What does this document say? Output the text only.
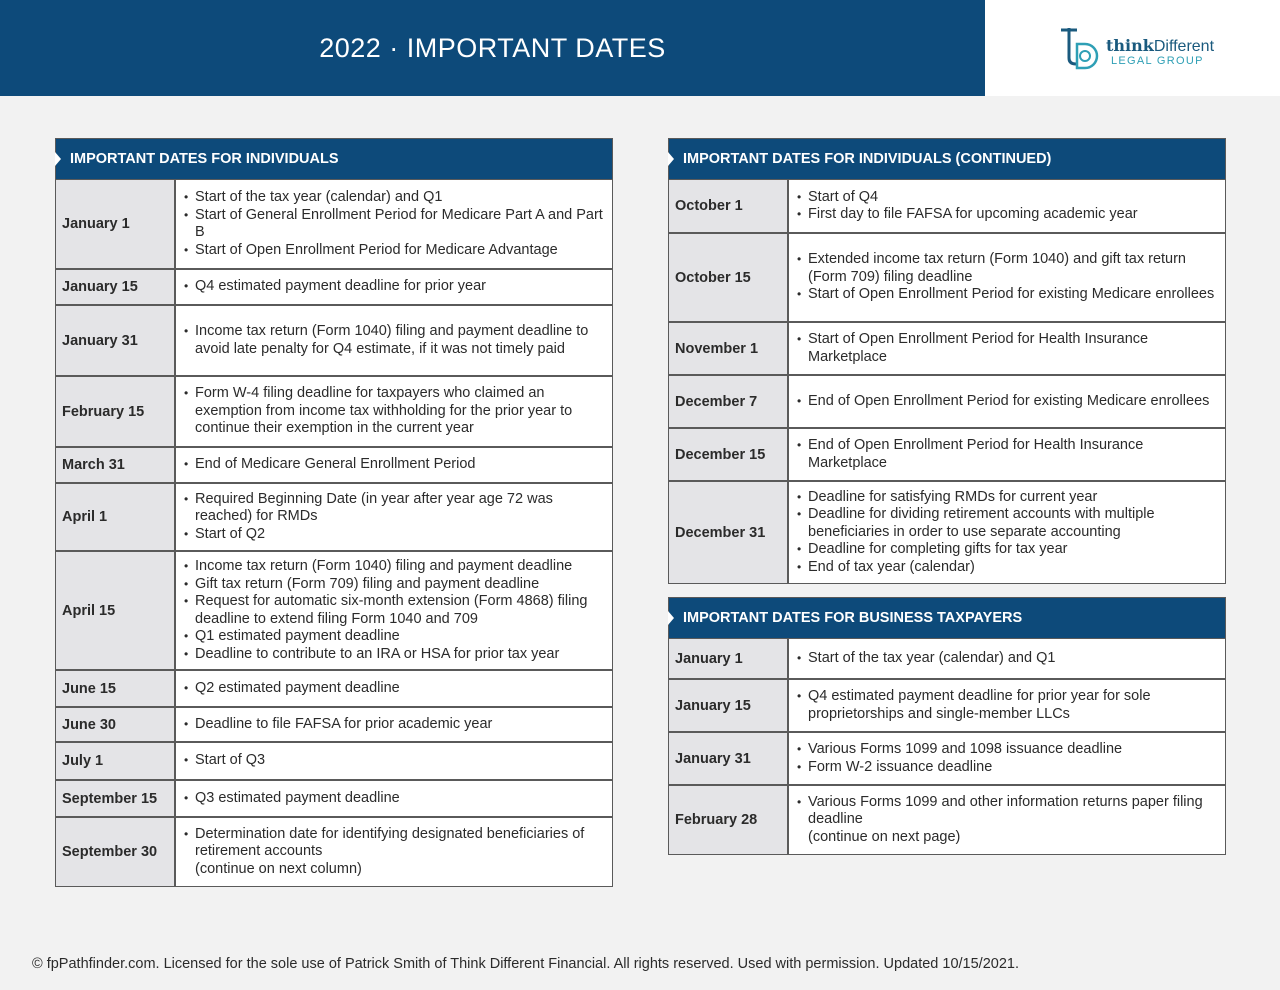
2022 · IMPORTANT DATES	thinkDifferent
LEGAL GROUP
IMPORTANT DATES FOR INDIVIDUALS
January 1
• Start of the tax year (calendar) and Q1
• Start of General Enrollment Period for Medicare Part A and Part B
• Start of Open Enrollment Period for Medicare Advantage
January 15	• Q4 estimated payment deadline for prior year
January 31
• Income tax return (Form 1040) filing and payment deadline to avoid late penalty for Q4 estimate, if it was not timely paid
February 15
• Form W-4 filing deadline for taxpayers who claimed an exemption from income tax withholding for the prior year to continue their exemption in the current year
March 31	• End of Medicare General Enrollment Period
April 1
• Required Beginning Date (in year after year age 72 was reached) for RMDs
• Start of Q2
April 15
• Income tax return (Form 1040) filing and payment deadline
• Gift tax return (Form 709) filing and payment deadline
• Request for automatic six-month extension (Form 4868) filing deadline to extend filing Form 1040 and 709
• Q1 estimated payment deadline
• Deadline to contribute to an IRA or HSA for prior tax year
June 15	• Q2 estimated payment deadline
June 30	• Deadline to file FAFSA for prior academic year
July 1	• Start of Q3
September 15	• Q3 estimated payment deadline
September 30
• Determination date for identifying designated beneficiaries of retirement accounts
(continue on next column)
IMPORTANT DATES FOR INDIVIDUALS (CONTINUED)
October 1
• Start of Q4
• First day to file FAFSA for upcoming academic year
October 15
• Extended income tax return (Form 1040) and gift tax return (Form 709) filing deadline
• Start of Open Enrollment Period for existing Medicare enrollees
November 1
• Start of Open Enrollment Period for Health Insurance Marketplace
December 7	• End of Open Enrollment Period for existing Medicare enrollees
December 15
• End of Open Enrollment Period for Health Insurance Marketplace
December 31
• Deadline for satisfying RMDs for current year
• Deadline for dividing retirement accounts with multiple beneficiaries in order to use separate accounting
• Deadline for completing gifts for tax year
• End of tax year (calendar)
IMPORTANT DATES FOR BUSINESS TAXPAYERS
January 1	• Start of the tax year (calendar) and Q1
January 15
• Q4 estimated payment deadline for prior year for sole proprietorships and single-member LLCs
January 31
• Various Forms 1099 and 1098 issuance deadline
• Form W-2 issuance deadline
February 28
• Various Forms 1099 and other information returns paper filing deadline
(continue on next page)
© fpPathfinder.com. Licensed for the sole use of Patrick Smith of Think Different Financial. All rights reserved. Used with permission. Updated 10/15/2021.
